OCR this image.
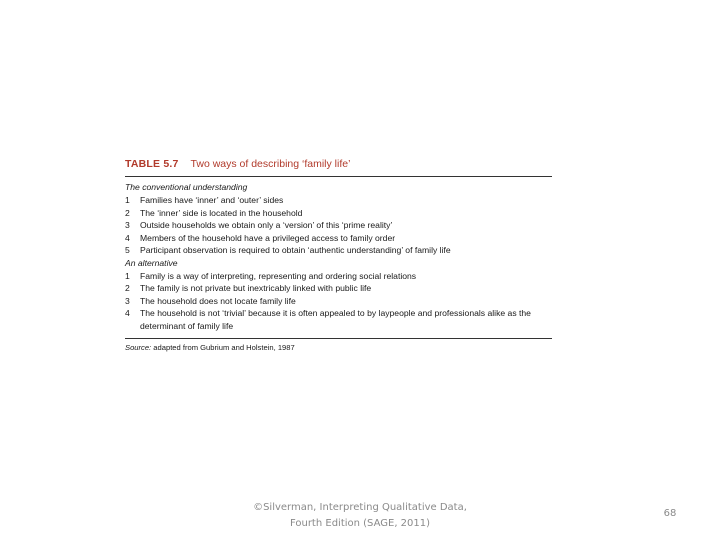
TABLE 5.7 Two ways of describing ‘family life’
The conventional understanding
1	Families have ‘inner’ and ‘outer’ sides
2	The ‘inner’ side is located in the household
3	Outside households we obtain only a ‘version’ of this ‘prime reality’
4	Members of the household have a privileged access to family order
5	Participant observation is required to obtain ‘authentic understanding’ of family life
An alternative
1	Family is a way of interpreting, representing and ordering social relations
2	The family is not private but inextricably linked with public life
3	The household does not locate family life
4	The household is not ‘trivial’ because it is often appealed to by laypeople and professionals alike as the determinant of family life
Source: adapted from Gubrium and Holstein, 1987
©Silverman, Interpreting Qualitative Data,
Fourth Edition (SAGE, 2011)
68
